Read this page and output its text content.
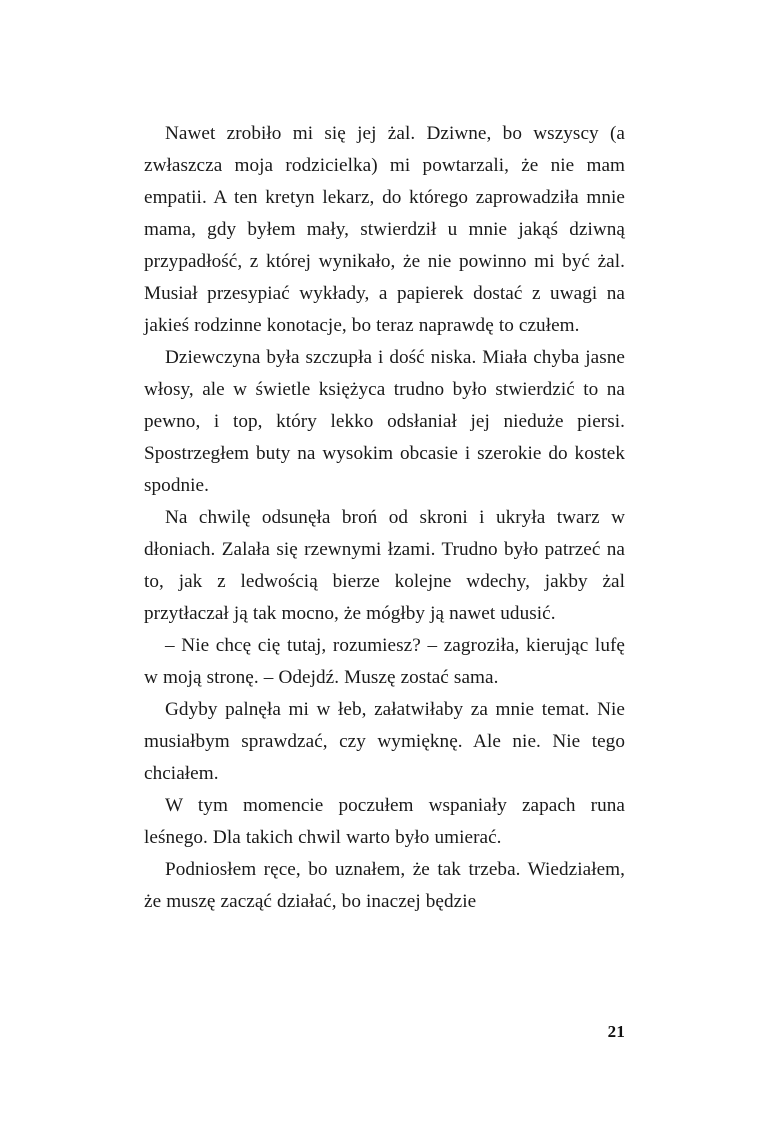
Nawet zrobiło mi się jej żal. Dziwne, bo wszyscy (a zwłaszcza moja rodzicielka) mi powtarzali, że nie mam empatii. A ten kretyn lekarz, do którego zaprowadziła mnie mama, gdy byłem mały, stwierdził u mnie jakąś dziwną przypadłość, z której wynikało, że nie powinno mi być żal. Musiał przesypiać wykłady, a papierek dostać z uwagi na jakieś rodzinne konotacje, bo teraz naprawdę to czułem.

Dziewczyna była szczupła i dość niska. Miała chyba jasne włosy, ale w świetle księżyca trudno było stwierdzić to na pewno, i top, który lekko odsłaniał jej nieduże piersi. Spostrzegłem buty na wysokim obcasie i szerokie do kostek spodnie.

Na chwilę odsunęła broń od skroni i ukryła twarz w dłoniach. Zalała się rzewnymi łzami. Trudno było patrzeć na to, jak z ledwością bierze kolejne wdechy, jakby żal przytłaczał ją tak mocno, że mógłby ją nawet udusić.

– Nie chcę cię tutaj, rozumiesz? – zagroziła, kierując lufę w moją stronę. – Odejdź. Muszę zostać sama.

Gdyby palnęła mi w łeb, załatwiłaby za mnie temat. Nie musiałbym sprawdzać, czy wymięknę. Ale nie. Nie tego chciałem.

W tym momencie poczułem wspaniały zapach runa leśnego. Dla takich chwil warto było umierać.

Podniosłem ręce, bo uznałem, że tak trzeba. Wiedziałem, że muszę zacząć działać, bo inaczej będzie

21
